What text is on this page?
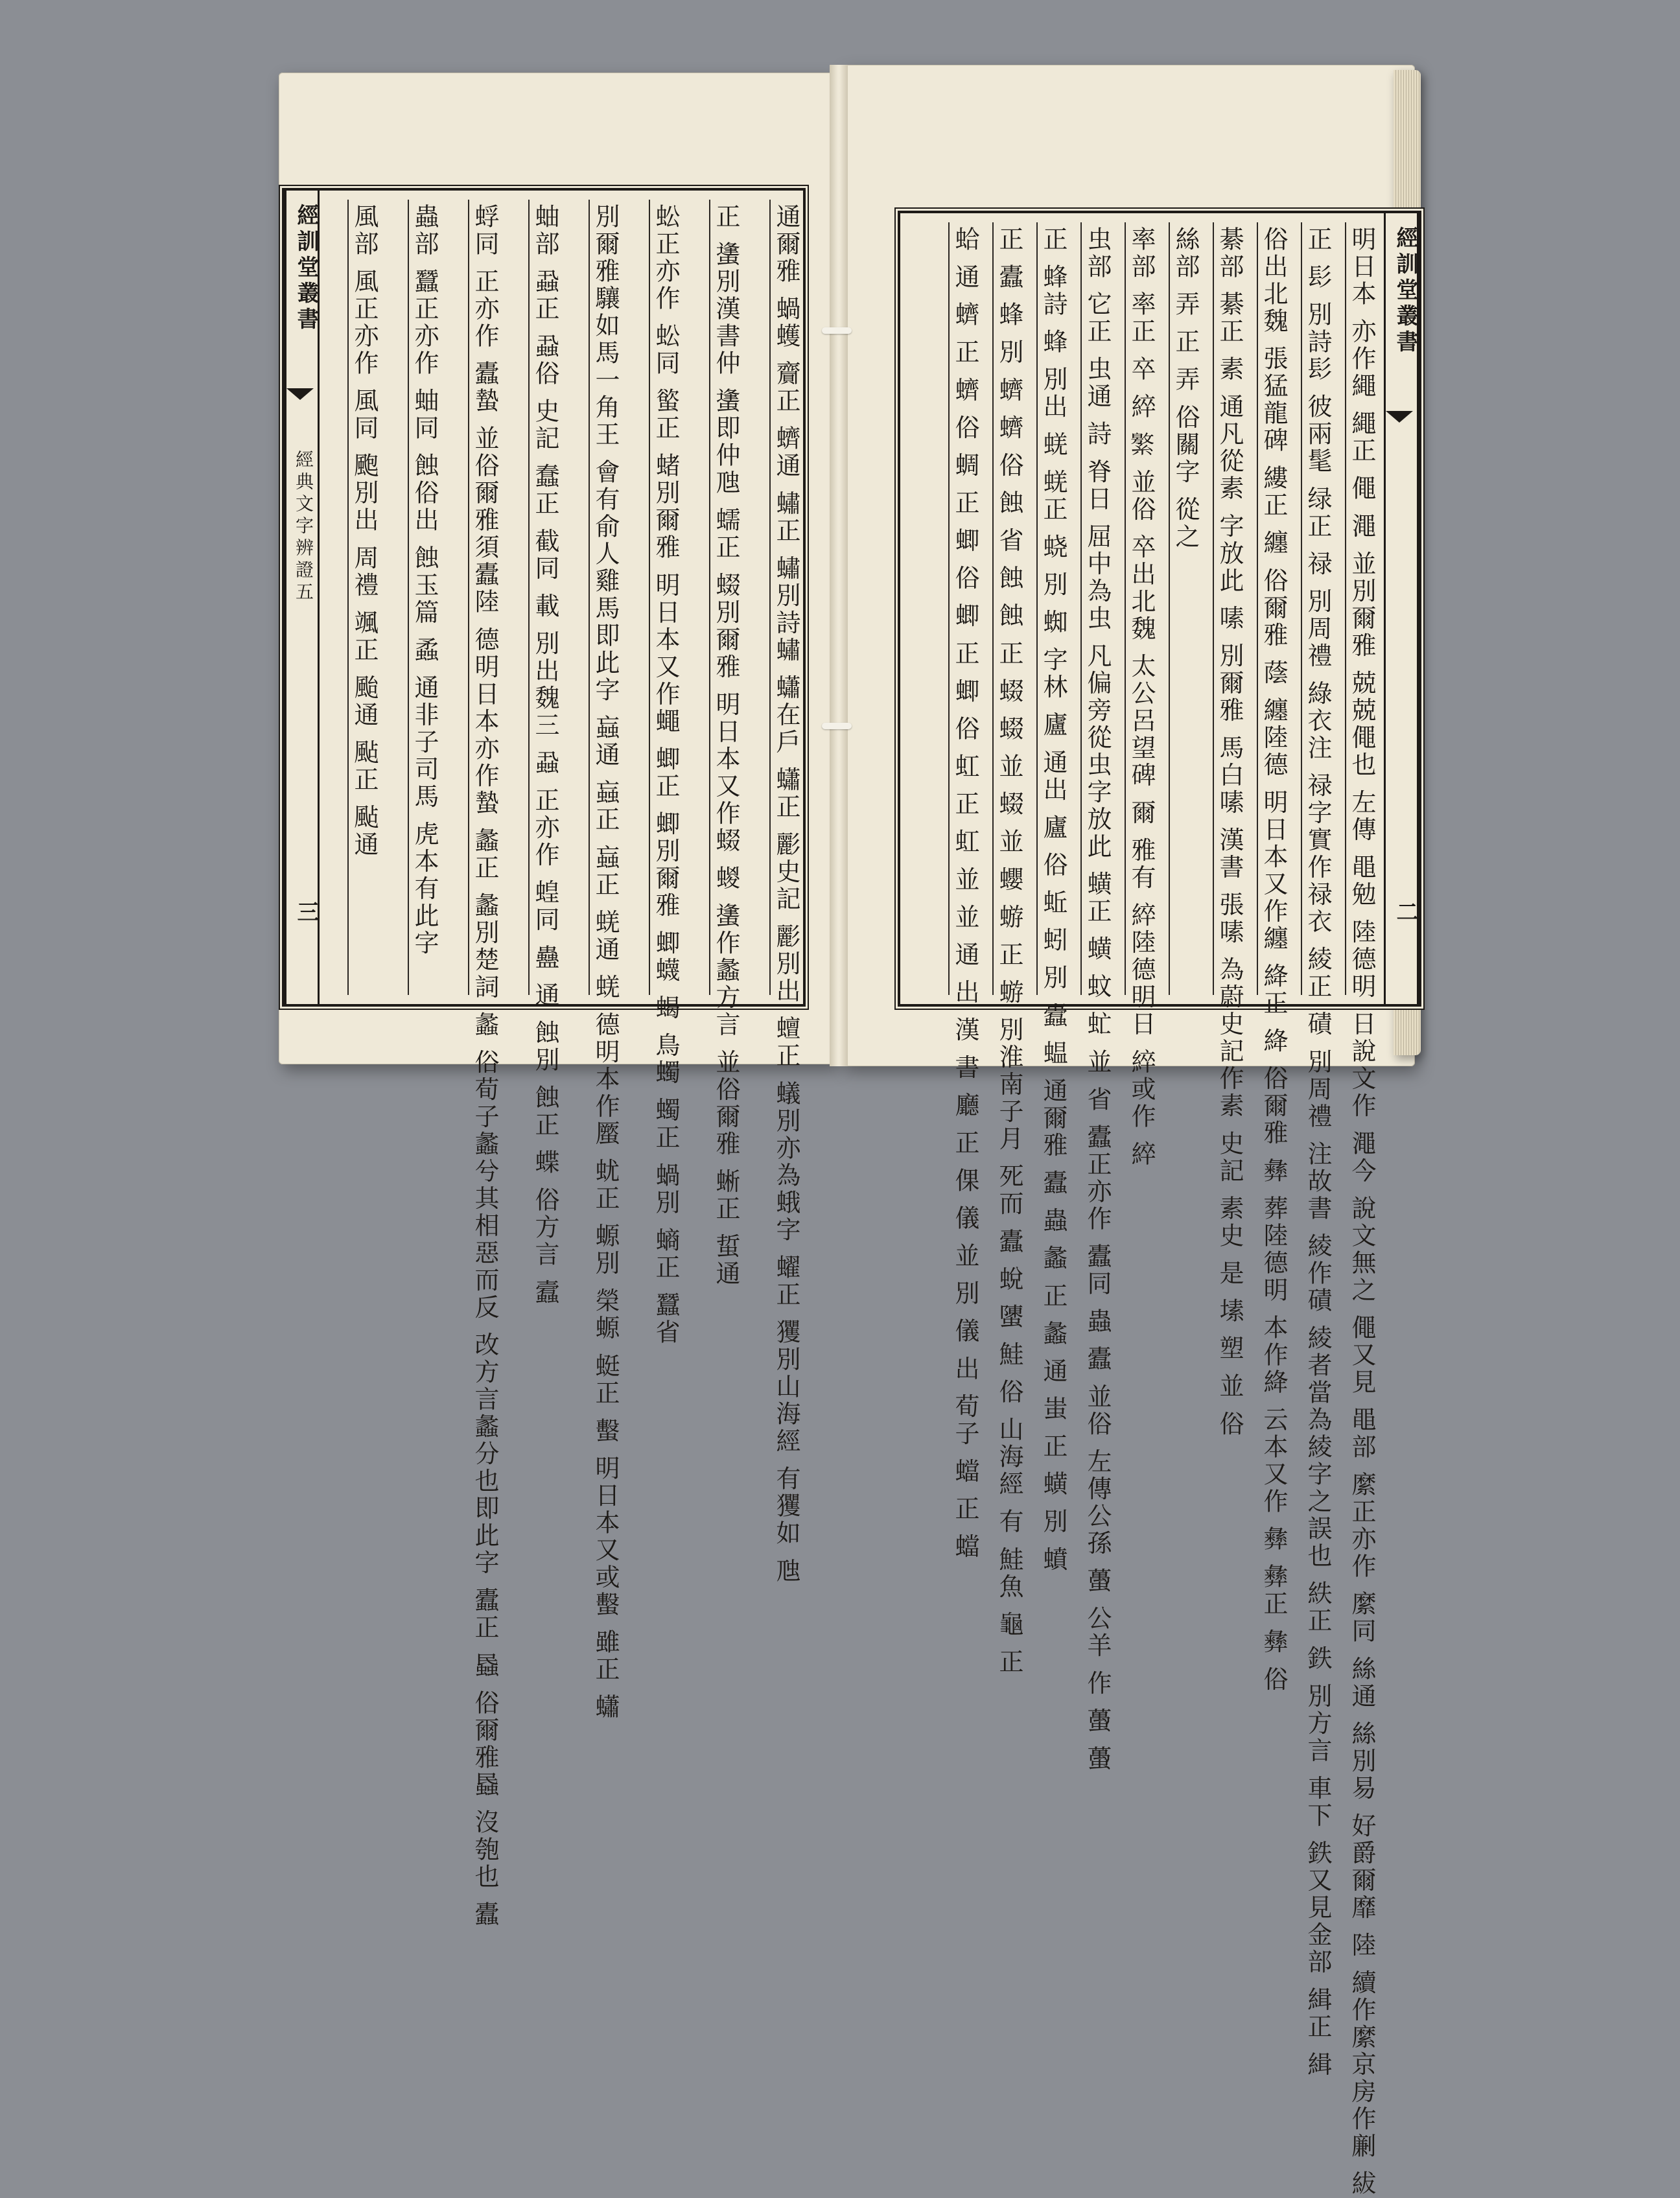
經訓堂叢書
經典文字辨證五
三	通爾雅 蝸蠖 齎正 蠐通 蟰正 蟰別詩蟰 蠨在戶 蠨正 彲史記 彲別出 蟺正 蟻別亦為蛾字 蠗正 玃別山海經 有玃如 虺
正 䗬別漢書仲 䗬即仲虺 蠕正 蝃別爾雅 明日本又作蝃 蝬 䗬作蠡方言 並俗爾雅 蜥正 蜇通
蚣正亦作 蚣同 螸正 蝫別爾雅 明日本又作蠅 蝍正 蝍別爾雅 蝍蠛 蝎 鳥蠋 蠋正 蝸別 螪正 蠶省
別爾雅驤如馬一角王 會有俞人雞馬即此字 蝱通 蝱正 蝱正 蜣通 蜣 德明本作蟨 蚘正 螈別 榮螈 蜓正 蟿 明日本又或蟿 雖正 蠨
蚰部 蝨正 蝨俗 史記 蠢正 截同 載 別出魏三 蝨 正亦作 蝗同 蠱 通 蝕別 蝕正 蝶 俗方言 蠧
蜉同 正亦作 蠹蟄 並俗爾雅須蠹陸 德明日本亦作蟄 蠡正 蠡別楚詞 蠡 俗荀子蠡兮其相惡而反 改方言蠡分也即此字 蠹正 蟁 俗爾雅蟁 沒匏也 蠹
蟲部 蠶正亦作 蚰同 蝕俗出 蝕玉篇 蟊 通非子司馬 虎本有此字
風部 風正亦作 風同 颮別出 周禮 颯正 颱通 颭正 颭通	經訓堂叢書
二
明日本 亦作繩 繩正 僶 澠 並別爾雅 兢兢僶也 左傳 黽勉 陸德明 日說文作 澠今 說文無之 僶又見 黽部 縻正亦作 縻同 絲通 絲別易 好爵爾靡 陸 續作縻京房作劆 紱
正 髟 別詩髟 彼兩髦 绿正 禄 別周禮 綠衣注 禄字實作禄衣 綾正 磧 別周禮 注故書 綾作磧 綾者當為綾字之誤也 紩正 鉄 別方言 車下 鉄又見金部 緝正 緝
俗出北魏 張猛龍碑 縷正 纏 俗爾雅 蔭 纏陸德 明日本又作纏 絳正 絳 俗爾雅 彝 葬陸德明 本作絳 云本又作 彝 彝正 彝 俗
綦部 綦正 素 通凡從素 字放此 嗉 別爾雅 馬白嗉 漢書 張嗉 為蔚史記作素 史記 素史 是 塐 塑 並 俗
絲部 弄 正 弄 俗關字 從之
率部 率正 卒 綷 𦅾 並俗 卒出北魏 太公呂望碑 爾 雅有 綷陸德明日 綷或作 綷
虫部 它正 虫通 詩 脊日 屈中為虫 凡偏旁從虫字放此 蟥正 蟥 蚊 虻 並 省 蠹正亦作 蠹同 蟲 蠹 並俗 左傳公孫 蠆 公羊 作 蠆 蠆
正 蜂詩 蜂 別出 蜣 蜣正 蛲 別 蜘 字林 廬 通出 廬 俗 蚯 蚓 別 蠹 蝹 通爾雅 蠹 蟲 蠡 正 蠡 通 蚩 正 蟥 別 蟦
正 蠹 蜂 別 蠐 蠐 俗 蝕 省 蝕 蝕 正 蝃 蝃 並 蝃 並 蠳 蝣 正 蝣 別淮南子月 死而 蠹 蛻 螴 鮭 俗 山海經 有 鮭魚 龜 正
蛤 通 蠐 正 蠐 俗 蜩 正 蝍 俗 蝍 正 蝍 俗 虹 正 虹 並 並 通 出 漢 書 廳 正 倮 儀 並 別 儀 出 荀子 蟷 正 蟷
